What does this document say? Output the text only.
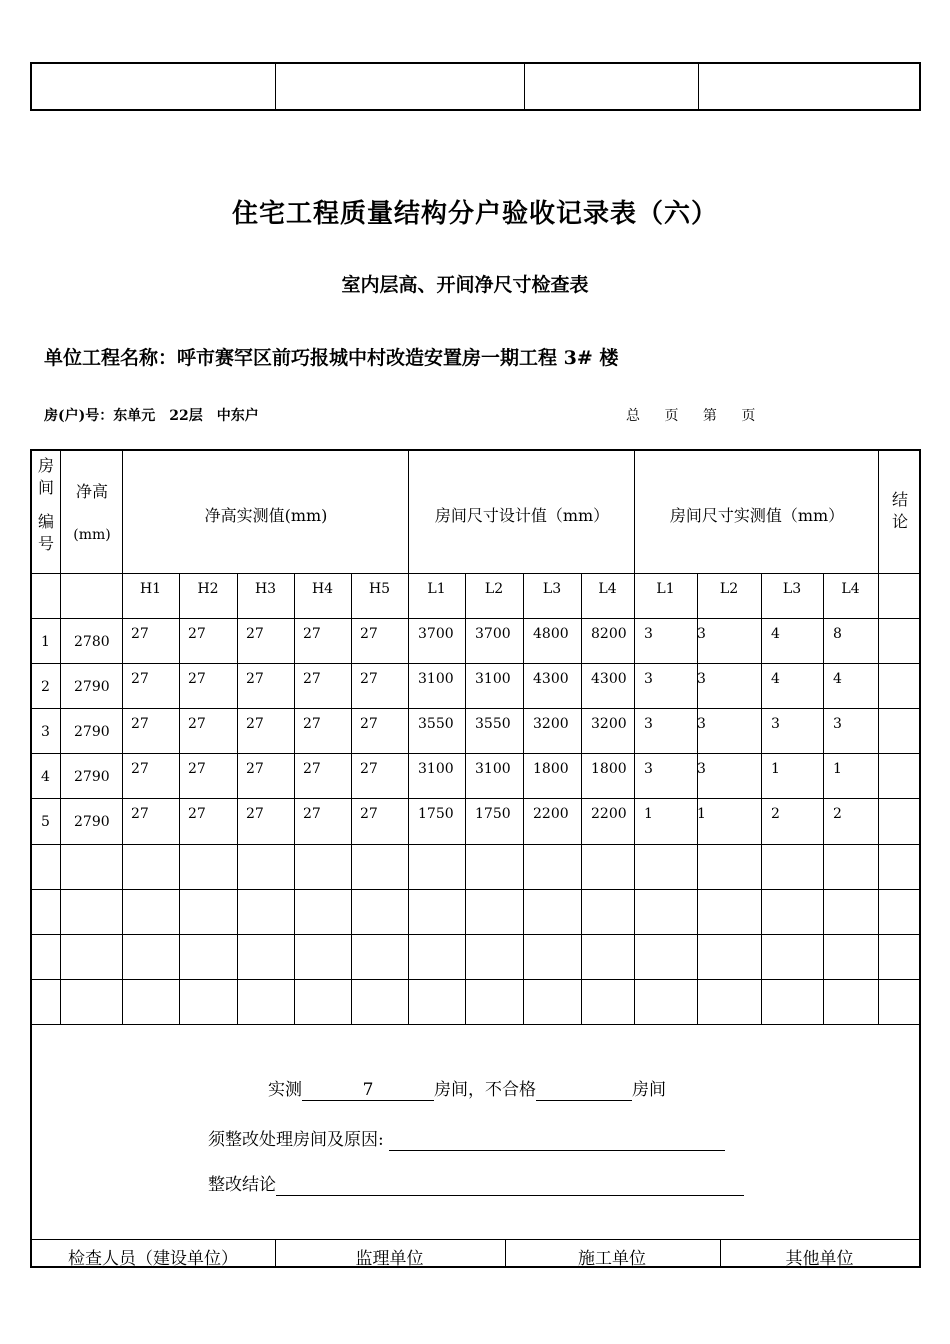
住宅工程质量结构分户验收记录表（六）
室内层高、开间净尺寸检查表
单位工程名称：呼市赛罕区前巧报城中村改造安置房一期工程 3# 楼
房(户)号：东单元　22层　中东户	总 页 第 页
房
间
编
号
净高
(mm)
净高实测值(mm)	房间尺寸设计值（mm）	房间尺寸实测值（mm）
结
论
实测	7	房间，不合格	房间
须整改处理房间及原因:
整改结论
H1	H2	H3	H4	H5	L1	L2	L3	L4	L1	L2	L3	L4
1 2780 27	27	27	27	27	3700 3700 4800 8200 3	3	4	8
2 2790 27	27	27	27	27	3100 3100 4300 4300 3	3	4	4
3 2790 27	27	27	27	27	3550 3550 3200 3200 3	3	3	3
4 2790 27	27	27	27	27	3100 3100 1800 1800 3	3	1	1
5 2790 27	27	27	27	27	1750 1750 2200 2200 1	1	2	2
检查人员（建设单位）	监理单位	施工单位	其他单位
